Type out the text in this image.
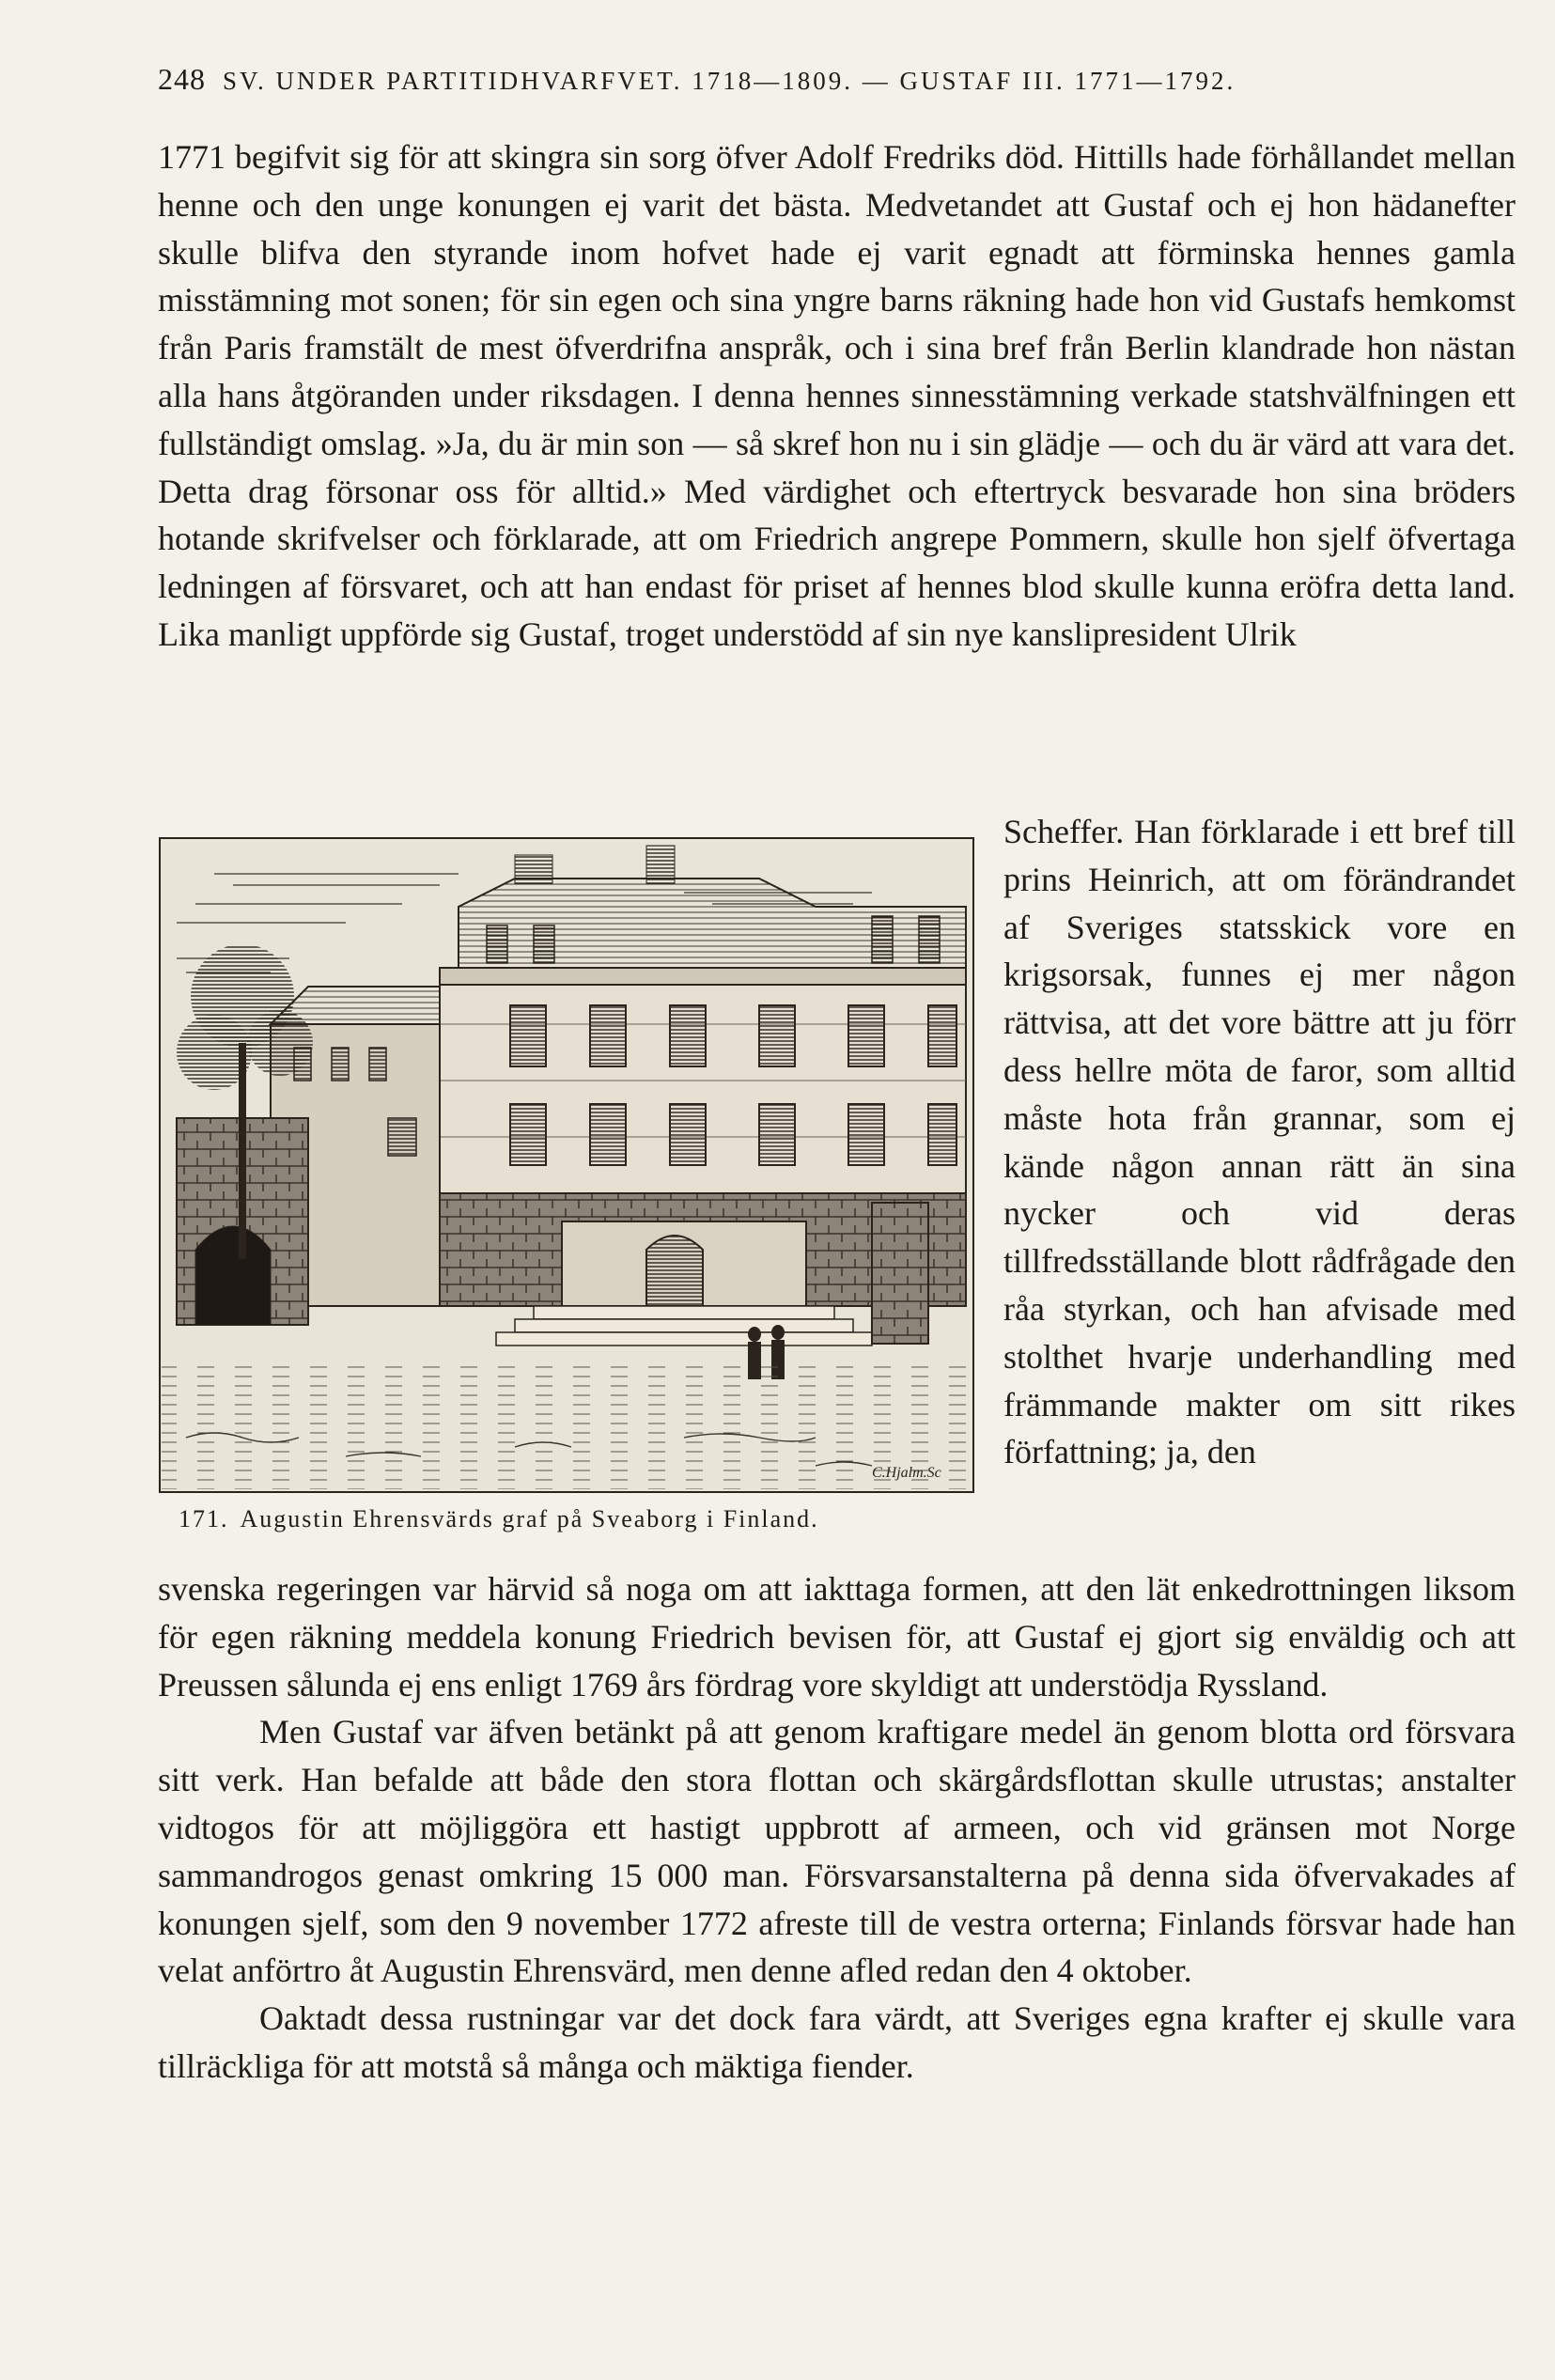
248 SV. UNDER PARTITIDHVARFVET. 1718—1809. — GUSTAF III. 1771—1792.

1771 begifvit sig för att skingra sin sorg öfver Adolf Fredriks död. Hittills hade förhållandet mellan henne och den unge konungen ej varit det bästa. Medvetandet att Gustaf och ej hon hädanefter skulle blifva den styrande inom hofvet hade ej varit egnadt att förminska hennes gamla misstämning mot sonen; för sin egen och sina yngre barns räkning hade hon vid Gustafs hemkomst från Paris framstält de mest öfverdrifna anspråk, och i sina bref från Berlin klandrade hon nästan alla hans åtgöranden under riksdagen. I denna hennes sinnesstämning verkade statshvälfningen ett fullständigt omslag. »Ja, du är min son — så skref hon nu i sin glädje — och du är värd att vara det. Detta drag försonar oss för alltid.» Med värdighet och eftertryck besvarade hon sina bröders hotande skrifvelser och förklarade, att om Friedrich angrepe Pommern, skulle hon sjelf öfvertaga ledningen af försvaret, och att han endast för priset af hennes blod skulle kunna eröfra detta land. Lika manligt uppförde sig Gustaf, troget understödd af sin nye kanslipresident Ulrik

C.Hjalm.Sc

Scheffer. Han förklarade i ett bref till prins Heinrich, att om förändrandet af Sveriges statsskick vore en krigsorsak, funnes ej mer någon rättvisa, att det vore bättre att ju förr dess hellre möta de faror, som alltid måste hota från grannar, som ej kände någon annan rätt än sina nycker och vid deras tillfredsställande blott rådfrågade den råa styrkan, och han afvisade med stolthet hvarje underhandling med främmande makter om sitt rikes författning; ja, den

171. Augustin Ehrensvärds graf på Sveaborg i Finland.

svenska regeringen var härvid så noga om att iakttaga formen, att den lät enkedrottningen liksom för egen räkning meddela konung Friedrich bevisen för, att Gustaf ej gjort sig enväldig och att Preussen sålunda ej ens enligt 1769 års fördrag vore skyldigt att understödja Ryssland.

Men Gustaf var äfven betänkt på att genom kraftigare medel än genom blotta ord försvara sitt verk. Han befalde att både den stora flottan och skärgårdsflottan skulle utrustas; anstalter vidtogos för att möjliggöra ett hastigt uppbrott af armeen, och vid gränsen mot Norge sammandrogos genast omkring 15 000 man. Försvarsanstalterna på denna sida öfvervakades af konungen sjelf, som den 9 november 1772 afreste till de vestra orterna; Finlands försvar hade han velat anförtro åt Augustin Ehrensvärd, men denne afled redan den 4 oktober.

Oaktadt dessa rustningar var det dock fara värdt, att Sveriges egna krafter ej skulle vara tillräckliga för att motstå så många och mäktiga fiender.
